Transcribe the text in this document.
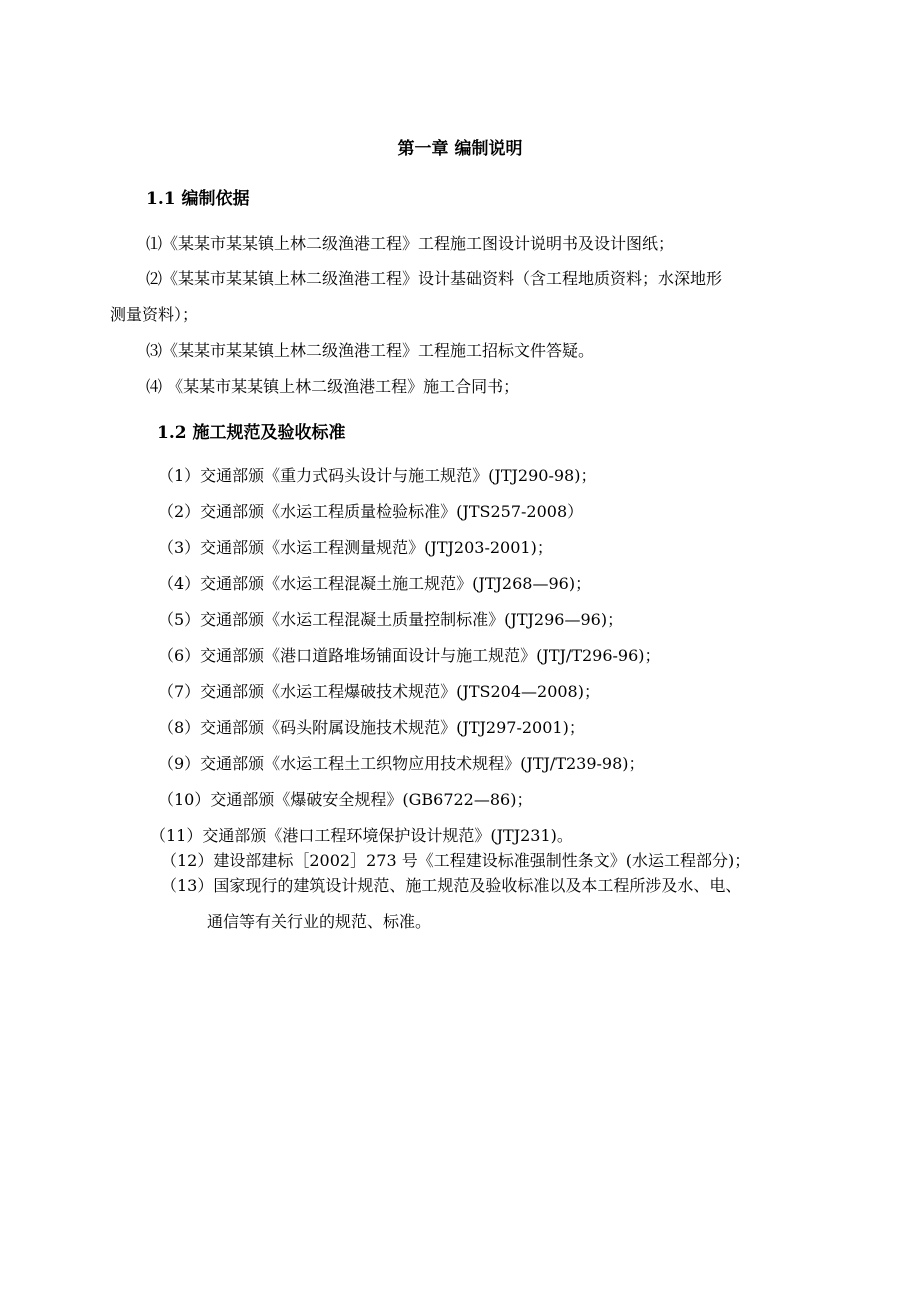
第一章 编制说明
1.1 编制依据
⑴《某某市某某镇上林二级渔港工程》工程施工图设计说明书及设计图纸；
⑵《某某市某某镇上林二级渔港工程》设计基础资料（含工程地质资料；水深地形
测量资料）；
⑶《某某市某某镇上林二级渔港工程》工程施工招标文件答疑。
⑷ 《某某市某某镇上林二级渔港工程》施工合同书；
1.2 施工规范及验收标准
（1）交通部颁《重力式码头设计与施工规范》(JTJ290-98)；
（2）交通部颁《水运工程质量检验标准》(JTS257-2008）
（3）交通部颁《水运工程测量规范》(JTJ203-2001)；
（4）交通部颁《水运工程混凝土施工规范》(JTJ268—96)；
（5）交通部颁《水运工程混凝土质量控制标准》(JTJ296—96)；
（6）交通部颁《港口道路堆场铺面设计与施工规范》(JTJ/T296-96)；
（7）交通部颁《水运工程爆破技术规范》(JTS204—2008)；
（8）交通部颁《码头附属设施技术规范》(JTJ297-2001)；
（9）交通部颁《水运工程土工织物应用技术规程》(JTJ/T239-98)；
（10）交通部颁《爆破安全规程》(GB6722—86)；
（11）交通部颁《港口工程环境保护设计规范》(JTJ231)。
（12）建设部建标［2002］273 号《工程建设标准强制性条文》(水运工程部分)；
（13）国家现行的建筑设计规范、施工规范及验收标准以及本工程所涉及水、电、
通信等有关行业的规范、标准。
